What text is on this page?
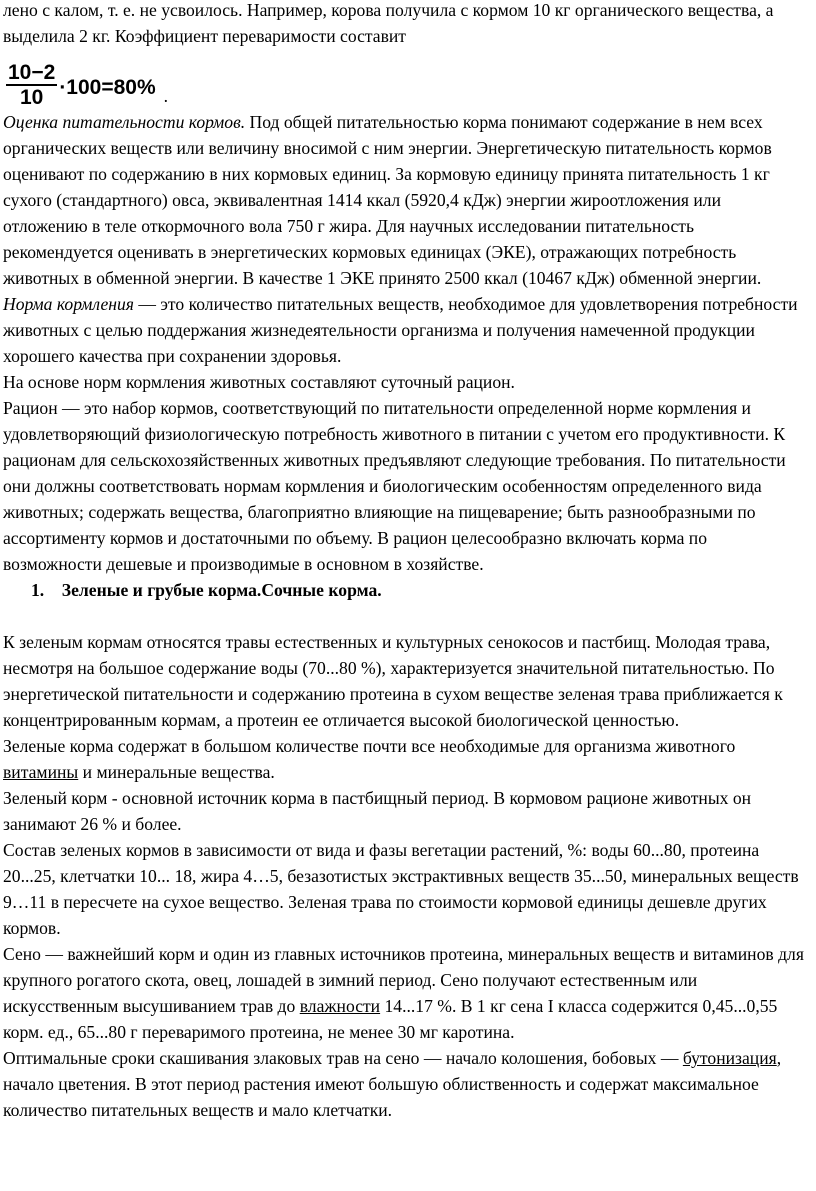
лено с калом, т. е. не усвоилось. Например, корова получила с кормом 10 кг органического вещества, а выделила 2 кг. Коэффициент переваримости составит

$\frac{10-2}{10} \cdot 100=80\%$ .

Оценка питательности кормов. Под общей питательностью корма понимают содержание в нем всех органических веществ или величину вносимой с ним энергии. Энергетическую питательность кормов оценивают по содержанию в них кормовых единиц. За кормовую единицу принята питательность 1 кг сухого (стандартного) овса, эквивалентная 1414 ккал (5920,4 кДж) энергии жироотложения или отложению в теле откормочного вола 750 г жира. Для научных исследовании питательность рекомендуется оценивать в энергетических кормовых единицах (ЭКЕ), отражающих потребность животных в обменной энергии. В качестве 1 ЭКЕ принято 2500 ккал (10467 кДж) обменной энергии.

Норма кормления — это количество питательных веществ, необходимое для удовлетворения потребности животных с целью поддержания жизнедеятельности организма и получения намеченной продукции хорошего качества при сохранении здоровья.

На основе норм кормления животных составляют суточный рацион.

Рацион — это набор кормов, соответствующий по питательности определенной норме кормления и удовлетворяющий физиологическую потребность животного в питании с учетом его продуктивности. К рационам для сельскохозяйственных животных предъявляют следующие требования. По питательности они должны соответствовать нормам кормления и биологическим особенностям определенного вида животных; содержать вещества, благоприятно влияющие на пищеварение; быть разнообразными по ассортименту кормов и достаточными по объему. В рацион целесообразно включать корма по возможности дешевые и производимые в основном в хозяйстве.

1. Зеленые и грубые корма.Сочные корма.

К зеленым кормам относятся травы естественных и культурных сенокосов и пастбищ. Молодая трава, несмотря на большое содержание воды (70...80 %), характеризуется значительной питательностью. По энергетической питательности и содержанию протеина в сухом веществе зеленая трава приближается к концентрированным кормам, а протеин ее отличается высокой биологической ценностью.

Зеленые корма содержат в большом количестве почти все необходимые для организма животного витамины и минеральные вещества.

Зеленый корм - основной источник корма в пастбищный период. В кормовом рационе животных он занимают 26 % и более.

Состав зеленых кормов в зависимости от вида и фазы вегетации растений, %: воды 60...80, протеина 20...25, клетчатки 10... 18, жира 4…5, безазотистых экстрактивных веществ 35...50, минеральных веществ 9…11 в пересчете на сухое вещество. Зеленая трава по стоимости кормовой единицы дешевле других кормов.

Сено — важнейший корм и один из главных источников протеина, минеральных веществ и витаминов для крупного рогатого скота, овец, лошадей в зимний период. Сено получают естественным или искусственным высушиванием трав до влажности 14...17 %. В 1 кг сена I класса содержится 0,45...0,55 корм. ед., 65...80 г переваримого протеина, не менее 30 мг каротина.

Оптимальные сроки скашивания злаковых трав на сено — начало колошения, бобовых — бутонизация, начало цветения. В этот период растения имеют большую облиственность и содержат максимальное количество питательных веществ и мало клетчатки.
